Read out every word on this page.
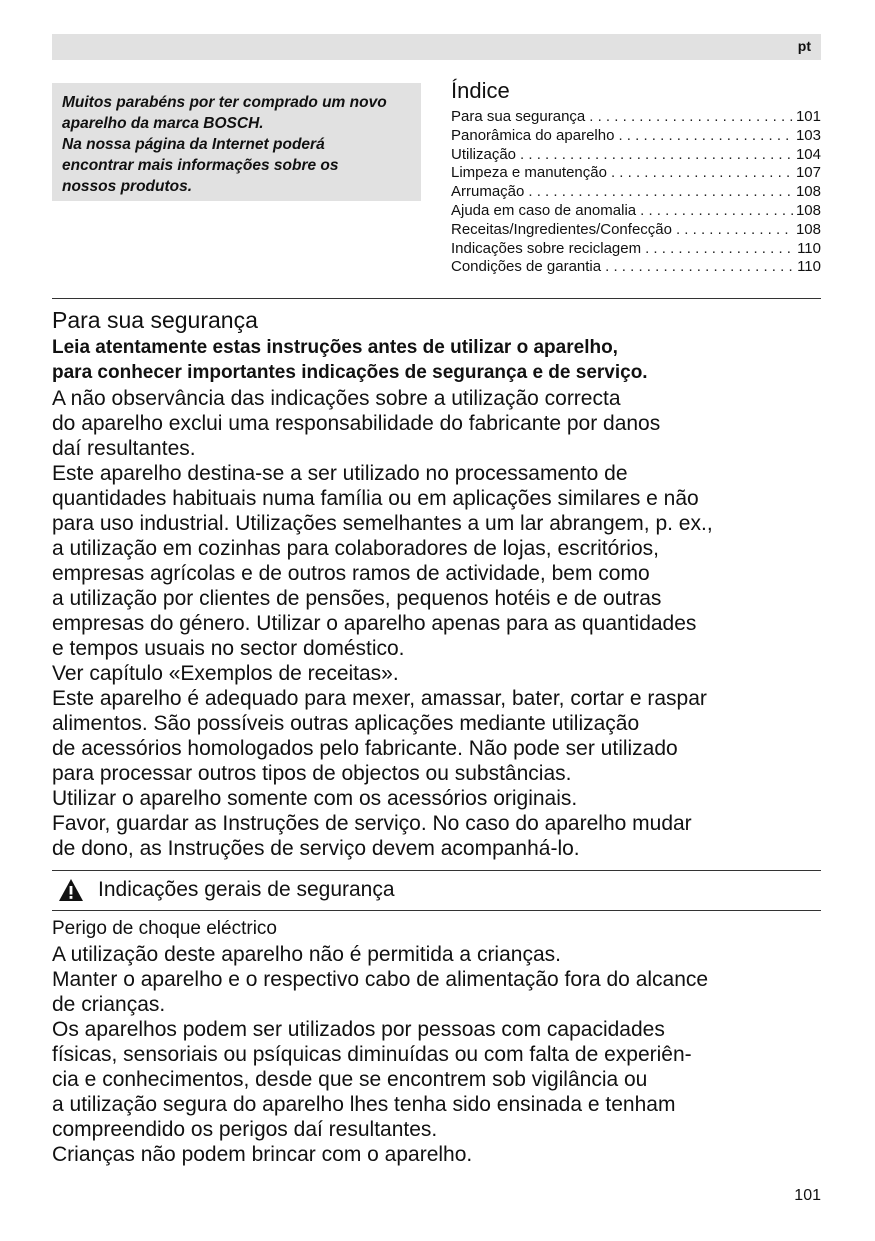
pt

Muitos parabéns por ter comprado um novo

aparelho da marca BOSCH.

Na nossa página da Internet poderá

encontrar mais informações sobre os

nossos produtos.

Índice
Para sua segurança . . .	101
Panorâmica do aparelho . . .	103
Utilização . . .	104
Limpeza e manutenção . . .	107
Arrumação . . .	108
Ajuda em caso de anomalia . . .	108
Receitas/Ingredientes/Confecção . . .	108
Indicações sobre reciclagem . . .	110
Condições de garantia . . .	110
Para sua segurança

Leia atentamente estas instruções antes de utilizar o aparelho,

para conhecer importantes indicações de segurança e de serviço.

A não observância das indicações sobre a utilização correcta

do aparelho exclui uma responsabilidade do fabricante por danos

daí resultantes.

Este aparelho destina-se a ser utilizado no processamento de

quantidades habituais numa família ou em aplicações similares e não

para uso industrial. Utilizações semelhantes a um lar abrangem, p. ex.,

a utilização em cozinhas para colaboradores de lojas, escritórios,

empresas agrícolas e de outros ramos de actividade, bem como

a utilização por clientes de pensões, pequenos hotéis e de outras

empresas do género. Utilizar o aparelho apenas para as quantidades

e tempos usuais no sector doméstico.

Ver capítulo «Exemplos de receitas».

Este aparelho é adequado para mexer, amassar, bater, cortar e raspar

alimentos. São possíveis outras aplicações mediante utilização

de acessórios homologados pelo fabricante. Não pode ser utilizado

para processar outros tipos de objectos ou substâncias.

Utilizar o aparelho somente com os acessórios originais.

Favor, guardar as Instruções de serviço. No caso do aparelho mudar

de dono, as Instruções de serviço devem acompanhá-lo.

Indicações gerais de segurança
Perigo de choque eléctrico

A utilização deste aparelho não é permitida a crianças.

Manter o aparelho e o respectivo cabo de alimentação fora do alcance

de crianças.

Os aparelhos podem ser utilizados por pessoas com capacidades

físicas, sensoriais ou psíquicas diminuídas ou com falta de experiên-

cia e conhecimentos, desde que se encontrem sob vigilância ou

a utilização segura do aparelho lhes tenha sido ensinada e tenham

compreendido os perigos daí resultantes.

Crianças não podem brincar com o aparelho.

101
